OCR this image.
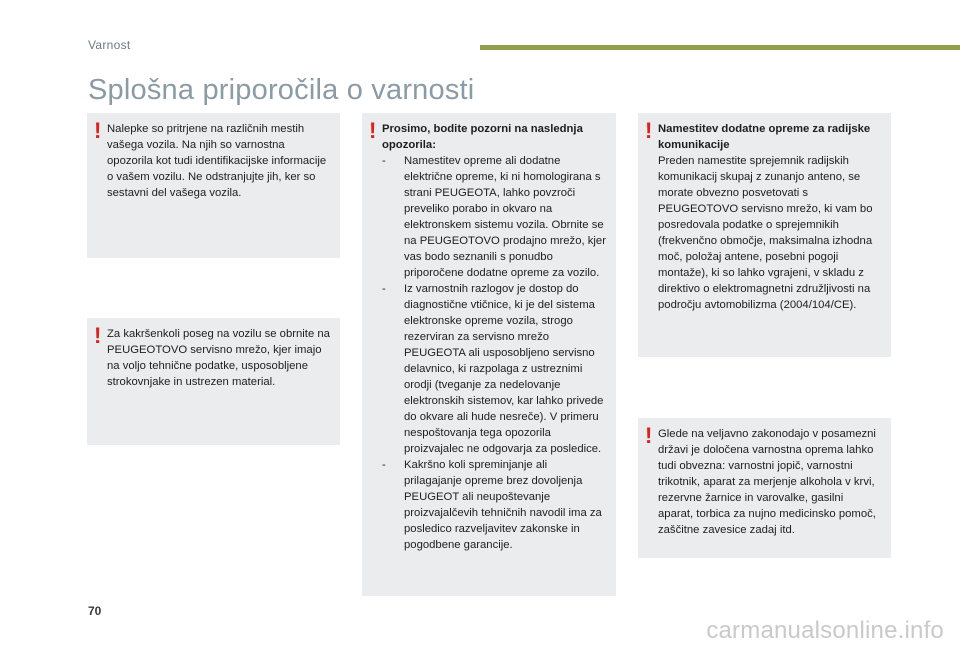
Varnost
Splošna priporočila o varnosti
! Nalepke so pritrjene na različnih mestih vašega vozila. Na njih so varnostna opozorila kot tudi identifikacijske informacije o vašem vozilu. Ne odstranjujte jih, ker so sestavni del vašega vozila.
! Za kakršenkoli poseg na vozilu se obrnite na PEUGEOTOVO servisno mrežo, kjer imajo na voljo tehnične podatke, usposobljene strokovnjake in ustrezen material.
! Prosimo, bodite pozorni na naslednja opozorila:
- Namestitev opreme ali dodatne električne opreme, ki ni homologirana s strani PEUGEOTA, lahko povzroči preveliko porabo in okvaro na elektronskem sistemu vozila. Obrnite se na PEUGEOTOVO prodajno mrežo, kjer vas bodo seznanili s ponudbo priporočene dodatne opreme za vozilo.
- Iz varnostnih razlogov je dostop do diagnostične vtičnice, ki je del sistema elektronske opreme vozila, strogo rezerviran za servisno mrežo PEUGEOTA ali usposobljeno servisno delavnico, ki razpolaga z ustreznimi orodji (tveganje za nedelovanje elektronskih sistemov, kar lahko privede do okvare ali hude nesreče). V primeru nespoštovanja tega opozorila proizvajalec ne odgovarja za posledice.
- Kakršno koli spreminjanje ali prilagajanje opreme brez dovoljenja PEUGEOT ali neupoštevanje proizvajalčevih tehničnih navodil ima za posledico razveljavitev zakonske in pogodbene garancije.
! Namestitev dodatne opreme za radijske komunikacije
Preden namestite sprejemnik radijskih komunikacij skupaj z zunanjo anteno, se morate obvezno posvetovati s PEUGEOTOVO servisno mrežo, ki vam bo posredovala podatke o sprejemnikih (frekvenčno območje, maksimalna izhodna moč, položaj antene, posebni pogoji montaže), ki so lahko vgrajeni, v skladu z direktivo o elektromagnetni združljivosti na področju avtomobilizma (2004/104/CE).
! Glede na veljavno zakonodajo v posamezni državi je določena varnostna oprema lahko tudi obvezna: varnostni jopič, varnostni trikotnik, aparat za merjenje alkohola v krvi, rezervne žarnice in varovalke, gasilni aparat, torbica za nujno medicinsko pomoč, zaščitne zavesice zadaj itd.
70
carmanualsonline.info
